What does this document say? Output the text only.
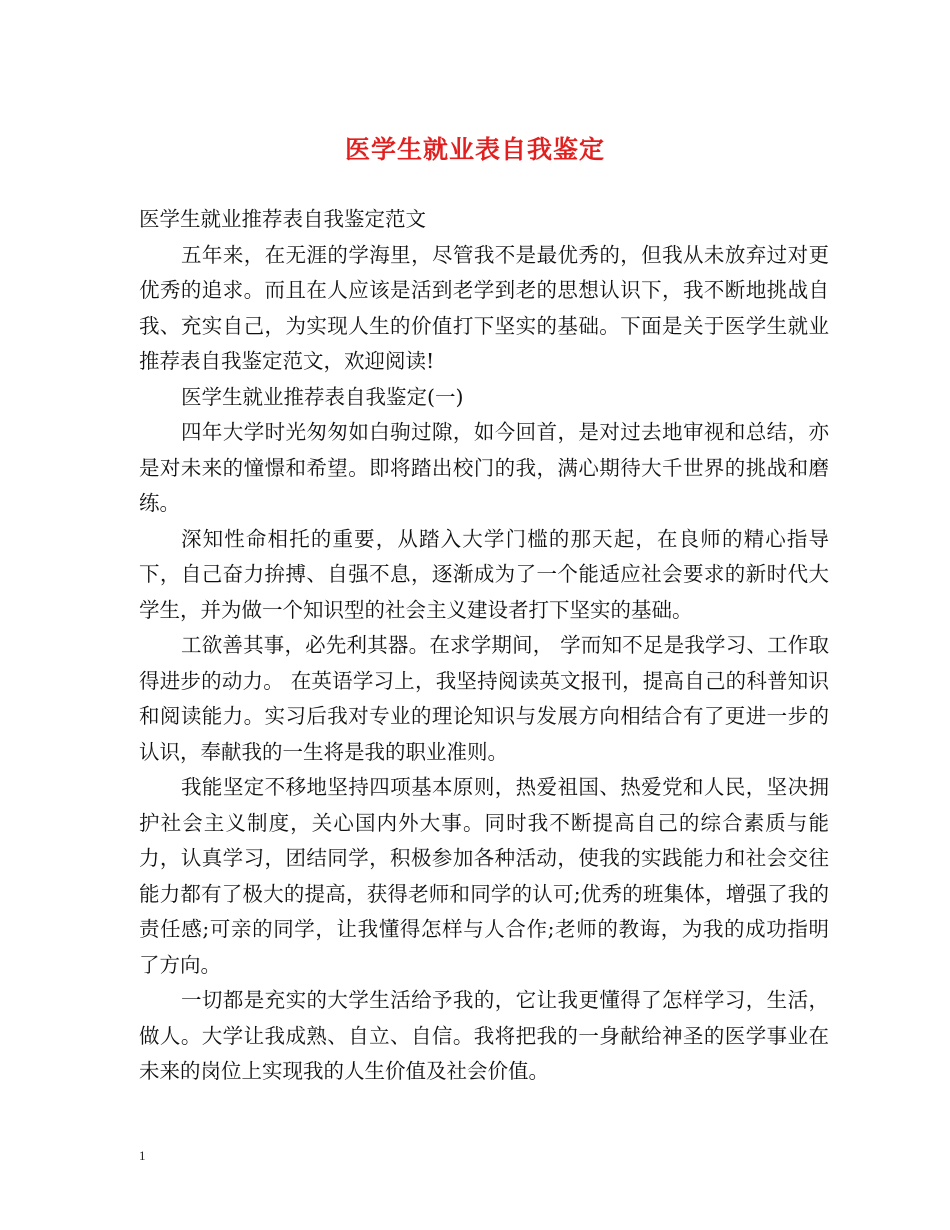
医学生就业表自我鉴定

医学生就业推荐表自我鉴定范文

五年来，在无涯的学海里，尽管我不是最优秀的，但我从未放弃过对更优秀的追求。而且在人应该是活到老学到老的思想认识下，我不断地挑战自我、充实自己，为实现人生的价值打下坚实的基础。下面是关于医学生就业推荐表自我鉴定范文，欢迎阅读!

医学生就业推荐表自我鉴定(一)

四年大学时光匆匆如白驹过隙，如今回首，是对过去地审视和总结，亦是对未来的憧憬和希望。即将踏出校门的我，满心期待大千世界的挑战和磨练。

深知性命相托的重要，从踏入大学门槛的那天起，在良师的精心指导下，自己奋力拚搏、自强不息，逐渐成为了一个能适应社会要求的新时代大学生，并为做一个知识型的社会主义建设者打下坚实的基础。

工欲善其事，必先利其器。在求学期间， 学而知不足是我学习、工作取得进步的动力。 在英语学习上，我坚持阅读英文报刊，提高自己的科普知识和阅读能力。实习后我对专业的理论知识与发展方向相结合有了更进一步的认识，奉献我的一生将是我的职业准则。

我能坚定不移地坚持四项基本原则，热爱祖国、热爱党和人民，坚决拥护社会主义制度，关心国内外大事。同时我不断提高自己的综合素质与能力，认真学习，团结同学，积极参加各种活动，使我的实践能力和社会交往能力都有了极大的提高，获得老师和同学的认可;优秀的班集体，增强了我的责任感;可亲的同学，让我懂得怎样与人合作;老师的教诲，为我的成功指明了方向。

一切都是充实的大学生活给予我的，它让我更懂得了怎样学习，生活，做人。大学让我成熟、自立、自信。我将把我的一身献给神圣的医学事业在未来的岗位上实现我的人生价值及社会价值。

1
